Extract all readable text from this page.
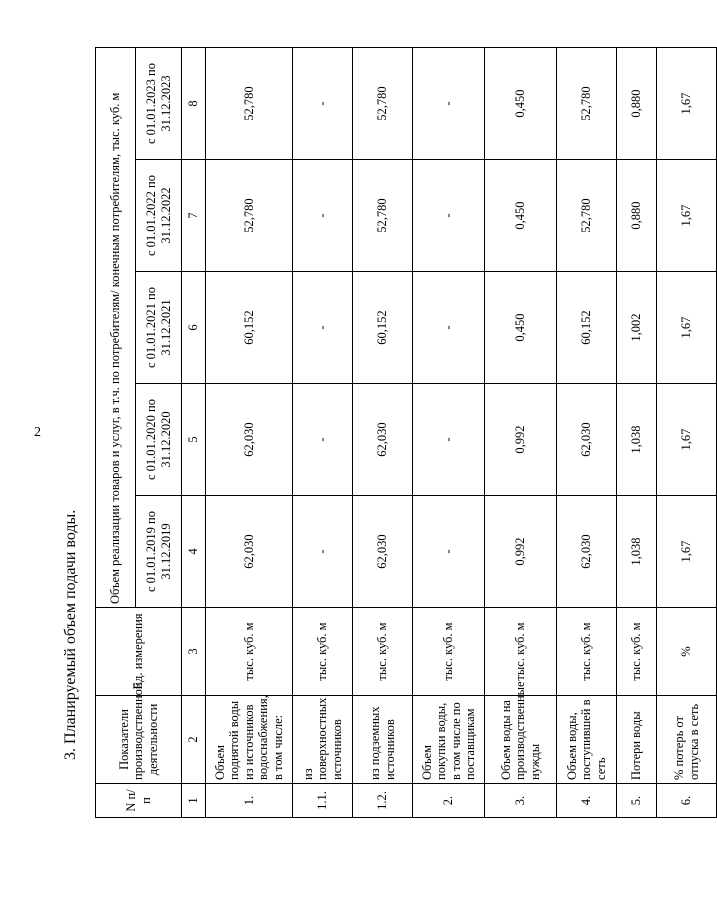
2
3. Планируемый объем подачи воды.
N п/п	Показатели производственной деятельности	Ед. измерения	Объем реализации товаров и услуг, в т.ч. по потребителям/ конечным потребителям, тыс. куб. м				
			с 01.01.2019 по 31.12.2019	с 01.01.2020 по 31.12.2020	с 01.01.2021 по 31.12.2021	с 01.01.2022 по 31.12.2022	с 01.01.2023 по 31.12.2023
1	2	3	4	5	6	7	8
1.	Объем поднятой воды из источников водоснабжения, в том числе:	тыс. куб. м	62,030	62,030	60,152	52,780	52,780
1.1.	из поверхностных источников	тыс. куб. м	-	-	-	-	-
1.2.	из подземных источников	тыс. куб. м	62,030	62,030	60,152	52,780	52,780
2.	Объем покупки воды, в том числе по поставщикам	тыс. куб. м	-	-	-	-	-
3.	Объем воды на производственные нужды	тыс. куб. м	0,992	0,992	0,450	0,450	0,450
4.	Объем воды, поступившей в сеть	тыс. куб. м	62,030	62,030	60,152	52,780	52,780
5.	Потери воды	тыс. куб. м	1,038	1,038	1,002	0,880	0,880
6.	% потерь от отпуска в сеть	%	1,67	1,67	1,67	1,67	1,67
